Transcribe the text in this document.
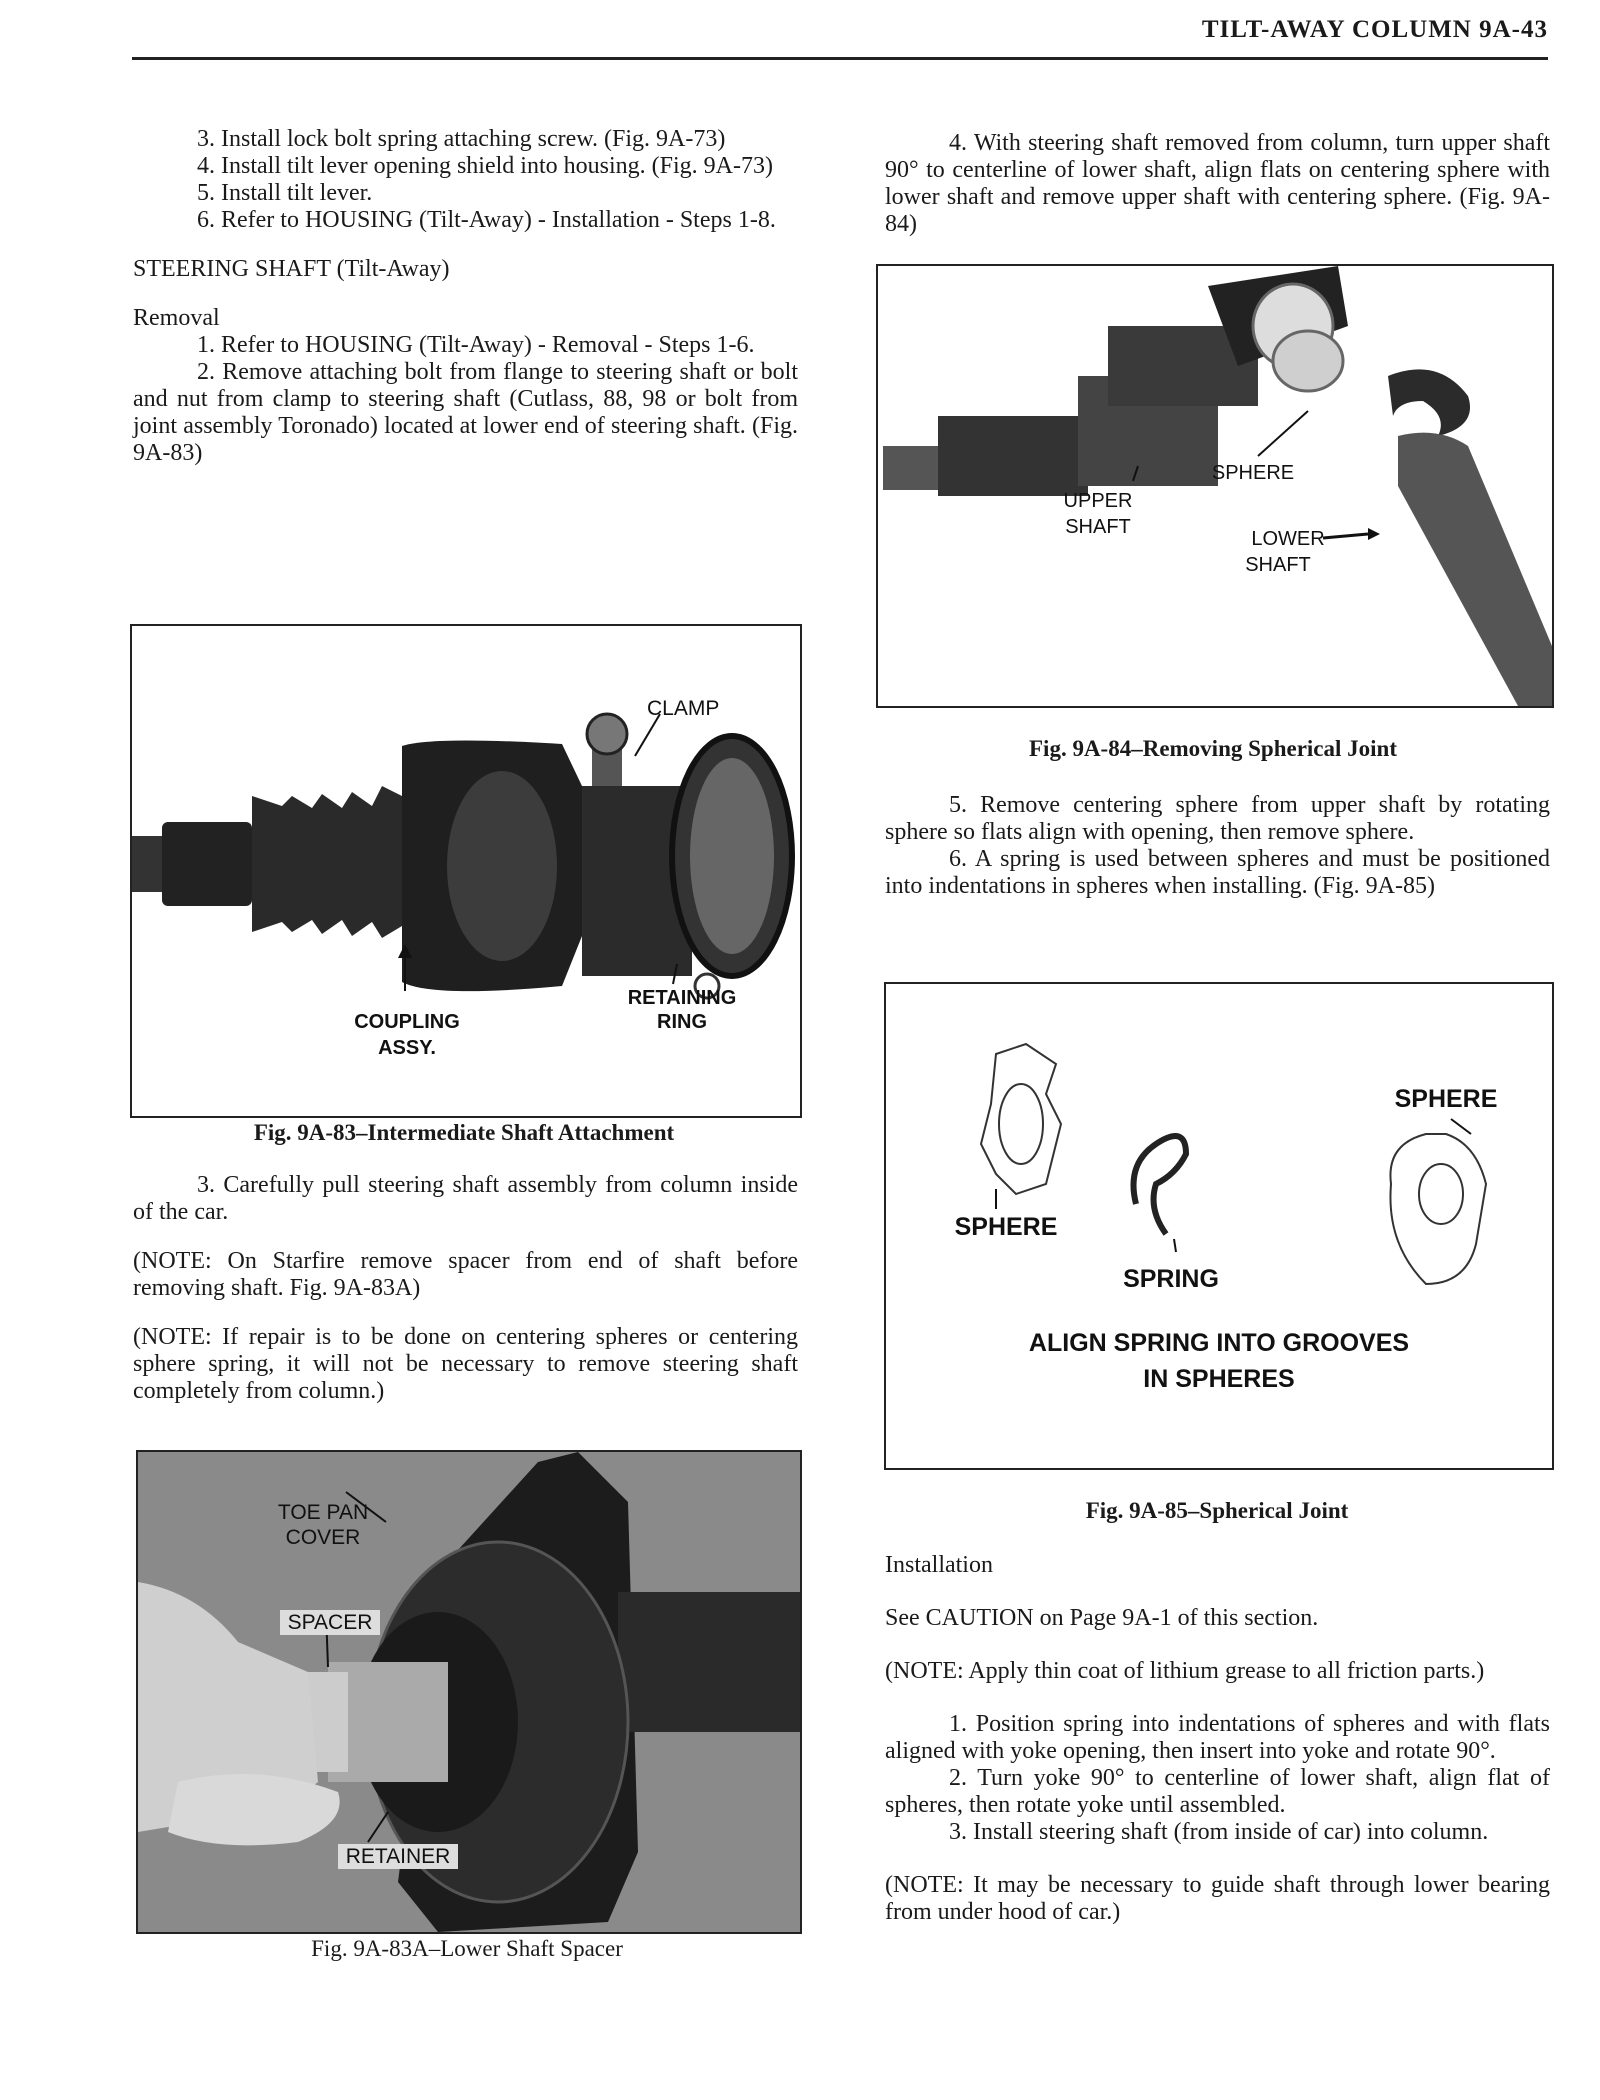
TILT-AWAY COLUMN 9A-43

3. Install lock bolt spring attaching screw. (Fig. 9A-73)

4. Install tilt lever opening shield into housing. (Fig. 9A-73)

5. Install tilt lever.

6. Refer to HOUSING (Tilt-Away) - Installation - Steps 1-8.

STEERING SHAFT (Tilt-Away)

Removal

1. Refer to HOUSING (Tilt-Away) - Removal - Steps 1-6.

2. Remove attaching bolt from flange to steering shaft or bolt and nut from clamp to steering shaft (Cutlass, 88, 98 or bolt from joint assembly Toronado) located at lower end of steering shaft. (Fig. 9A-83)

CLAMP
RETAINING
RING
COUPLING
ASSY.
Fig. 9A-83–Intermediate Shaft Attachment

3. Carefully pull steering shaft assembly from column inside of the car.

(NOTE: On Starfire remove spacer from end of shaft before removing shaft. Fig. 9A-83A)

(NOTE: If repair is to be done on centering spheres or centering sphere spring, it will not be necessary to remove steering shaft completely from column.)

TOE PAN
COVER
SPACER
RETAINER
Fig. 9A-83A–Lower Shaft Spacer

4. With steering shaft removed from column, turn upper shaft 90° to centerline of lower shaft, align flats on centering sphere with lower shaft and remove upper shaft with centering sphere. (Fig. 9A-84)

SPHERE
UPPER
SHAFT
LOWER
SHAFT
Fig. 9A-84–Removing Spherical Joint

5. Remove centering sphere from upper shaft by rotating sphere so flats align with opening, then remove sphere.

6. A spring is used between spheres and must be positioned into indentations in spheres when installing. (Fig. 9A-85)

SPHERE
SPRING
SPHERE
ALIGN SPRING INTO GROOVES
IN SPHERES
Fig. 9A-85–Spherical Joint

Installation

See CAUTION on Page 9A-1 of this section.

(NOTE: Apply thin coat of lithium grease to all friction parts.)

1. Position spring into indentations of spheres and with flats aligned with yoke opening, then insert into yoke and rotate 90°.

2. Turn yoke 90° to centerline of lower shaft, align flat of spheres, then rotate yoke until assembled.

3. Install steering shaft (from inside of car) into column.

(NOTE: It may be necessary to guide shaft through lower bearing from under hood of car.)
